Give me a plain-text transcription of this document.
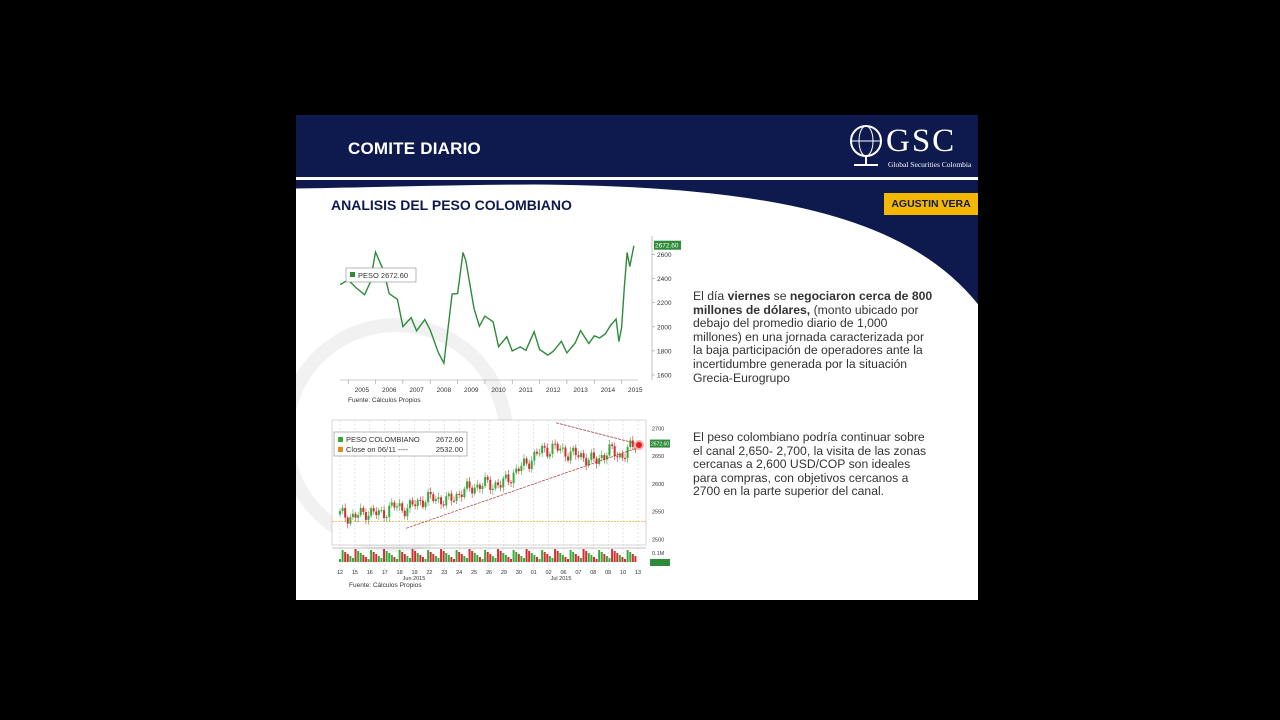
COMITE DIARIO	GSC
Global Securities Colombia
ANALISIS DEL PESO COLOMBIANO	AGUSTIN VERA
1600
1800
2000
2200
2400
2600
2005 2006 2007 2008 2009 2010 2011 2012 2013 2014 2015
2672.60
PESO 2672.60
Fuente: Cálculos Propios
12 15 16 17 18 19 22 23 24 25 26 29 30 01 02 06 07 08 09 10 13
Jun 2015	Jul 2015
2500
2550
2600
2650
2700
0.1M
2672.60
PESO COLOMBIANO 2672.60
Close on 06/11 ----	2532.00
Fuente: Cálculos Propios
El día viernes se negociaron cerca de 800 millones de dólares, (monto ubicado por debajo del promedio diario de 1,000 millones) en una jornada caracterizada por la baja participación de operadores ante la incertidumbre generada por la situación Grecia-Eurogrupo
El peso colombiano podría continuar sobre el canal 2,650- 2,700, la visita de las zonas cercanas a 2,600 USD/COP son ideales para compras, con objetivos cercanos a 2700 en la parte superior del canal.
